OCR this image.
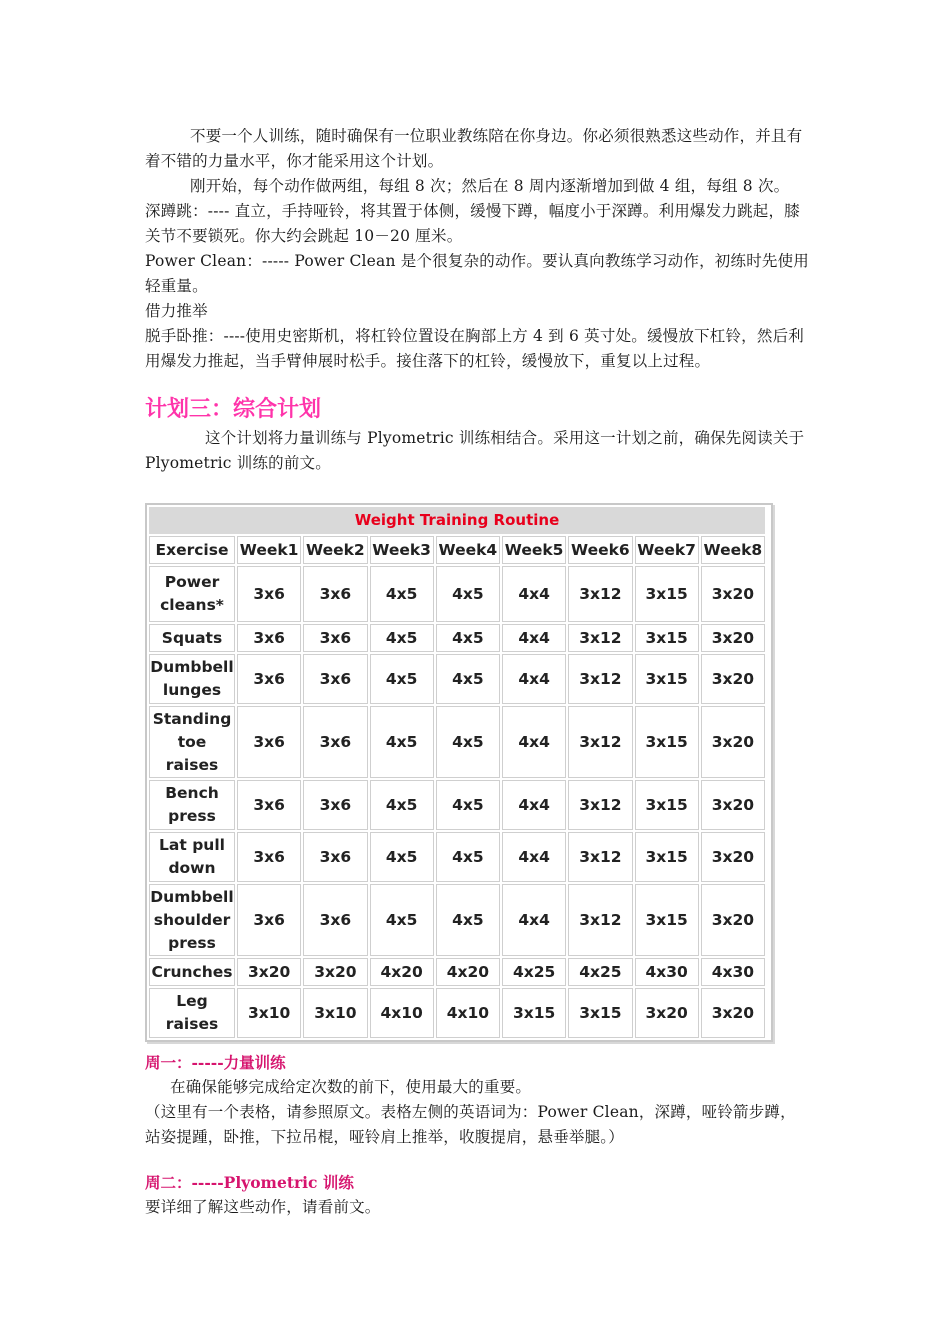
不要一个人训练，随时确保有一位职业教练陪在你身边。你必须很熟悉这些动作，并且有着不错的力量水平，你才能采用这个计划。

刚开始，每个动作做两组，每组 8 次；然后在 8 周内逐渐增加到做 4 组，每组 8 次。

深蹲跳：---- 直立，手持哑铃，将其置于体侧，缓慢下蹲，幅度小于深蹲。利用爆发力跳起，膝关节不要锁死。你大约会跳起 10－20 厘米。

Power Clean：----- Power Clean 是个很复杂的动作。要认真向教练学习动作，初练时先使用轻重量。

借力推举

脱手卧推：----使用史密斯机，将杠铃位置设在胸部上方 4 到 6 英寸处。缓慢放下杠铃，然后利用爆发力推起，当手臂伸展时松手。接住落下的杠铃，缓慢放下，重复以上过程。

计划三：综合计划

这个计划将力量训练与 Plyometric 训练相结合。采用这一计划之前，确保先阅读关于 Plyometric 训练的前文。

Weight Training Routine								
Exercise	Week1	Week2	Week3	Week4	Week5	Week6	Week7	Week8
Power cleans*	3x6	3x6	4x5	4x5	4x4	3x12	3x15	3x20
Squats	3x6	3x6	4x5	4x5	4x4	3x12	3x15	3x20
Dumbbell lunges	3x6	3x6	4x5	4x5	4x4	3x12	3x15	3x20
Standing toe raises	3x6	3x6	4x5	4x5	4x4	3x12	3x15	3x20
Bench press	3x6	3x6	4x5	4x5	4x4	3x12	3x15	3x20
Lat pull down	3x6	3x6	4x5	4x5	4x4	3x12	3x15	3x20
Dumbbell shoulder press	3x6	3x6	4x5	4x5	4x4	3x12	3x15	3x20
Crunches	3x20	3x20	4x20	4x20	4x25	4x25	4x30	4x30
Leg raises	3x10	3x10	4x10	4x10	3x15	3x15	3x20	3x20
周一：-----力量训练

在确保能够完成给定次数的前下，使用最大的重要。

（这里有一个表格，请参照原文。表格左侧的英语词为：Power Clean，深蹲，哑铃箭步蹲，站姿提踵，卧推，下拉吊棍，哑铃肩上推举，收腹提肩，悬垂举腿。）

周二：-----Plyometric 训练

要详细了解这些动作，请看前文。
